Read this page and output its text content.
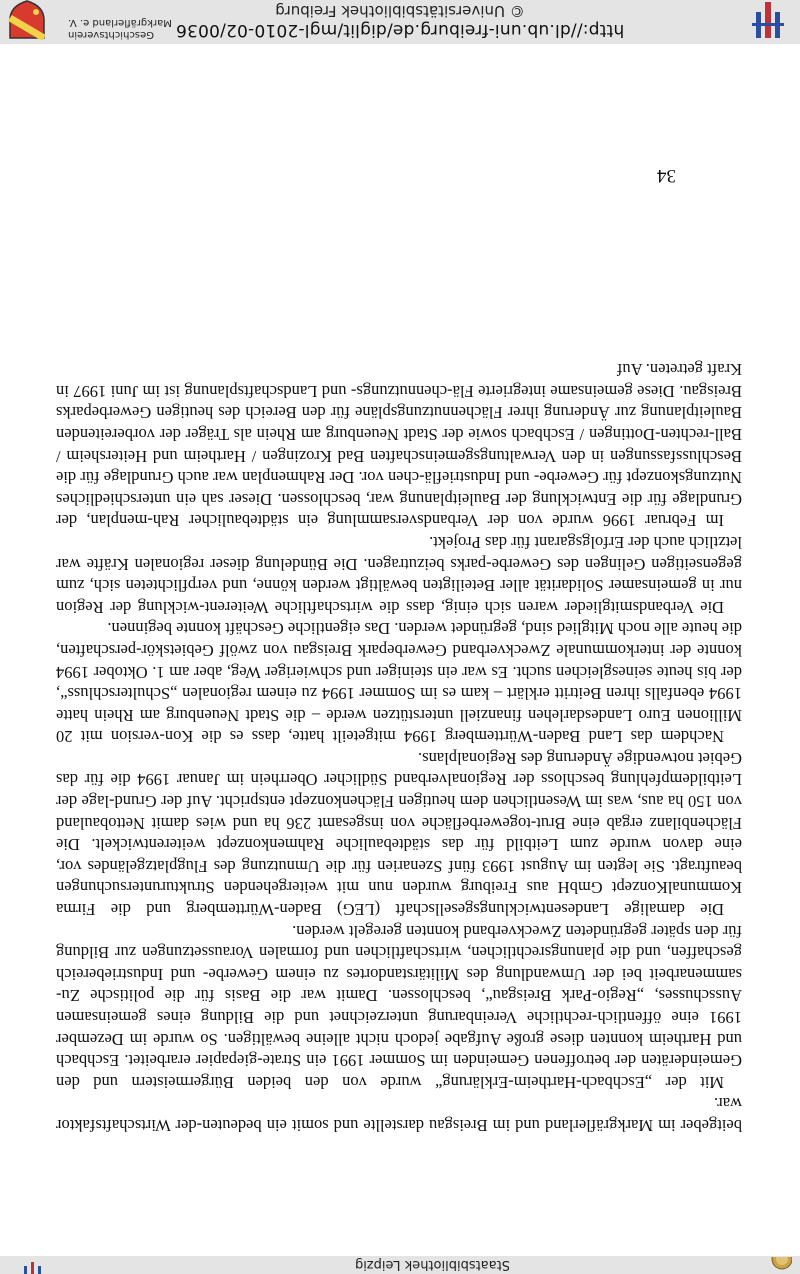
Staatsbibliothek Leipzig

beitgeber im Markgräflerland und im Breisgau darstellte und somit ein bedeuten-der Wirtschaftsfaktor war.

Mit der „Eschbach-Hartheim-Erklärung“ wurde von den beiden Bürgermeistern und den Gemeinderäten der betroffenen Gemeinden im Sommer 1991 ein Strate-giepapier erarbeitet. Eschbach und Hartheim konnten diese große Aufgabe jedoch nicht alleine bewältigen. So wurde im Dezember 1991 eine öffentlich-rechtliche Vereinbarung unterzeichnet und die Bildung eines gemeinsamen Ausschusses, „Regio-Park Breisgau“, beschlossen. Damit war die Basis für die politische Zu-sammenarbeit bei der Umwandlung des Militärstandortes zu einem Gewerbe- und Industriebereich geschaffen, und die planungsrechtlichen, wirtschaftlichen und formalen Voraussetzungen zur Bildung für den später gegründeten Zweckverband konnten geregelt werden.

Die damalige Landesentwicklungsgesellschaft (LEG) Baden-Württemberg und die Firma KommunalKonzept GmbH aus Freiburg wurden nun mit weitergehenden Strukturuntersuchungen beauftragt. Sie legten im August 1993 fünf Szenarien für die Umnutzung des Flugplatzgeländes vor, eine davon wurde zum Leitbild für das städtebauliche Rahmenkonzept weiterentwickelt. Die Flächenbilanz ergab eine Brut-togewerbefläche von insgesamt 236 ha und wies damit Nettobauland von 150 ha aus, was im Wesentlichen dem heutigen Flächenkonzept entspricht. Auf der Grund-lage der Leitbildempfehlung beschloss der Regionalverband Südlicher Oberrhein im Januar 1994 die für das Gebiet notwendige Änderung des Regionalplans.

Nachdem das Land Baden-Württemberg 1994 mitgeteilt hatte, dass es die Kon-version mit 20 Millionen Euro Landesdarlehen finanziell unterstützen werde – die Stadt Neuenburg am Rhein hatte 1994 ebenfalls ihren Beitritt erklärt – kam es im Sommer 1994 zu einem regionalen „Schulterschluss“, der bis heute seinesgleichen sucht. Es war ein steiniger und schwieriger Weg, aber am 1. Oktober 1994 konnte der interkommunale Zweckverband Gewerbepark Breisgau von zwölf Gebietskör-perschaften, die heute alle noch Mitglied sind, gegründet werden. Das eigentliche Geschäft konnte beginnen.

Die Verbandsmitglieder waren sich einig, dass die wirtschaftliche Weiterent-wicklung der Region nur in gemeinsamer Solidarität aller Beteiligten bewältigt werden könne, und verpflichteten sich, zum gegenseitigen Gelingen des Gewerbe-parks beizutragen. Die Bündelung dieser regionalen Kräfte war letztlich auch der Erfolgsgarant für das Projekt.

Im Februar 1996 wurde von der Verbandsversammlung ein städtebaulicher Rah-menplan, der Grundlage für die Entwicklung der Bauleitplanung war, beschlossen. Dieser sah ein unterschiedliches Nutzungskonzept für Gewerbe- und Industrieflä-chen vor. Der Rahmenplan war auch Grundlage für die Beschlussfassungen in den Verwaltungsgemeinschaften Bad Krozingen / Hartheim und Heitersheim / Ball-rechten-Dottingen / Eschbach sowie der Stadt Neuenburg am Rhein als Träger der vorbereitenden Bauleitplanung zur Änderung ihrer Flächennutzungspläne für den Bereich des heutigen Gewerbeparks Breisgau. Diese gemeinsame integrierte Flä-chennutzungs- und Landschaftsplanung ist im Juni 1997 in Kraft getreten. Auf

34
http://dl.ub.uni-freiburg.de/diglit/mgl-2010-02/0036
© Universitätsbibliothek Freiburg
Geschichtsverein Markgräflerland e. V.
